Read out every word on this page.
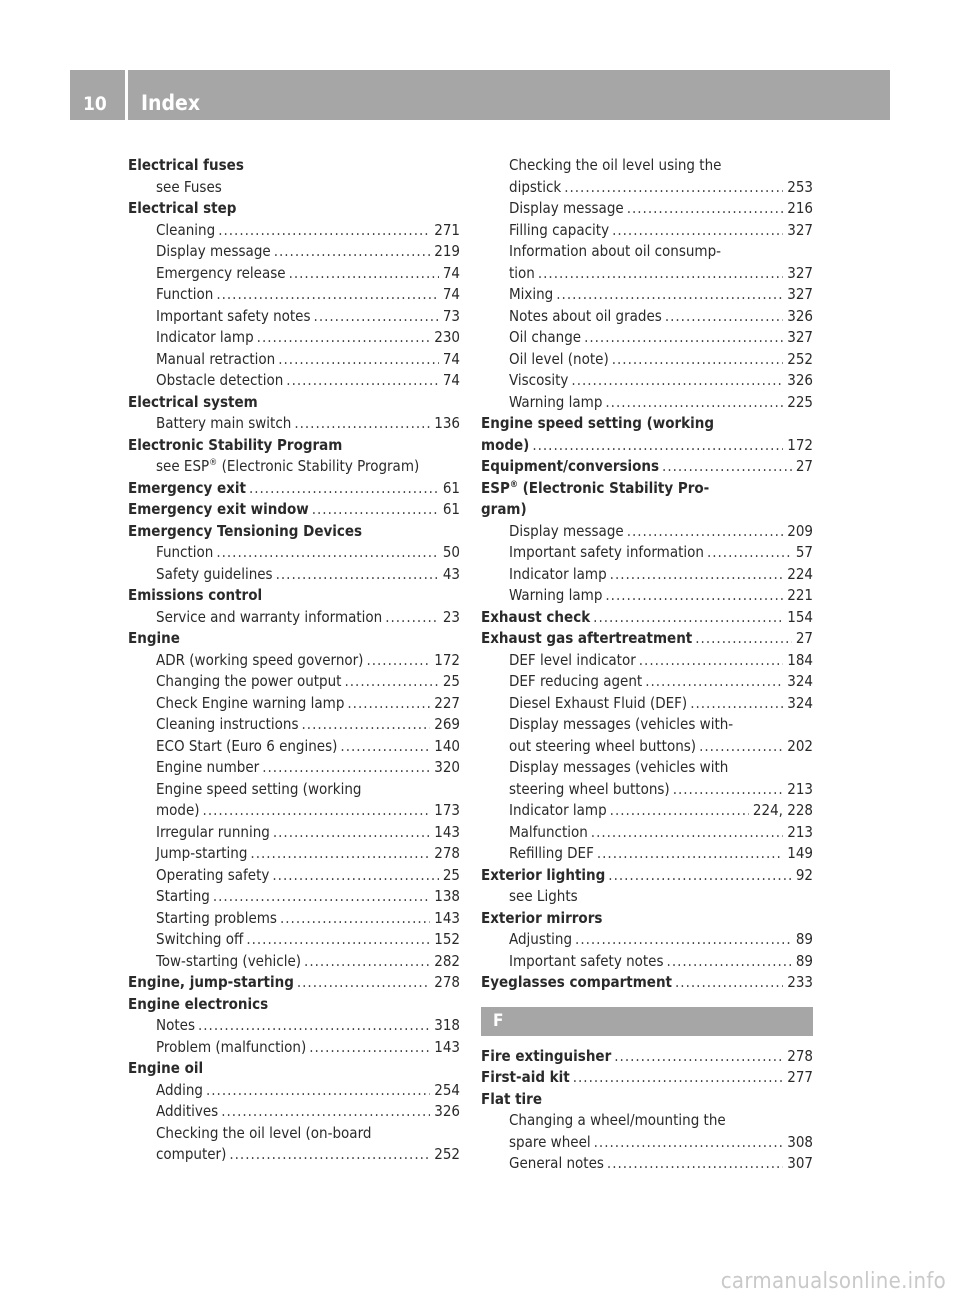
10 Index
Electrical fuses
see Fuses
Electrical step
Cleaning .....	271
Display message .....	219
Emergency release .....	74
Function .....	74
Important safety notes .....	73
Indicator lamp .....	230
Manual retraction .....	74
Obstacle detection .....	74
Electrical system
Battery main switch .....	136
Electronic Stability Program
see ESP® (Electronic Stability Program)
Emergency exit .....	61
Emergency exit window .....	61
Emergency Tensioning Devices
Function .....	50
Safety guidelines .....	43
Emissions control
Service and warranty information .....	23
Engine
ADR (working speed governor) .....	172
Changing the power output .....	25
Check Engine warning lamp .....	227
Cleaning instructions .....	269
ECO Start (Euro 6 engines) .....	140
Engine number .....	320
Engine speed setting (working
mode) .....	173
Irregular running .....	143
Jump-starting .....	278
Operating safety .....	25
Starting .....	138
Starting problems .....	143
Switching off .....	152
Tow-starting (vehicle) .....	282
Engine, jump-starting .....	278
Engine electronics
Notes .....	318
Problem (malfunction) .....	143
Engine oil
Adding .....	254
Additives .....	326
Checking the oil level (on-board
computer) .....	252
Checking the oil level using the
dipstick .....	253
Display message .....	216
Filling capacity .....	327
Information about oil consump-
tion .....	327
Mixing .....	327
Notes about oil grades .....	326
Oil change .....	327
Oil level (note) .....	252
Viscosity .....	326
Warning lamp .....	225
Engine speed setting (working
mode) .....	172
Equipment/conversions .....	27
ESP® (Electronic Stability Pro-
gram)
Display message .....	209
Important safety information .....	57
Indicator lamp .....	224
Warning lamp .....	221
Exhaust check .....	154
Exhaust gas aftertreatment .....	27
DEF level indicator .....	184
DEF reducing agent .....	324
Diesel Exhaust Fluid (DEF) .....	324
Display messages (vehicles with-
out steering wheel buttons) .....	202
Display messages (vehicles with
steering wheel buttons) .....	213
Indicator lamp .....	224, 228
Malfunction .....	213
Refilling DEF .....	149
Exterior lighting .....	92
see Lights
Exterior mirrors
Adjusting .....	89
Important safety notes .....	89
Eyeglasses compartment .....	233
F
Fire extinguisher .....	278
First-aid kit .....	277
Flat tire
Changing a wheel/mounting the
spare wheel .....	308
General notes .....	307
carmanualsonline.info
